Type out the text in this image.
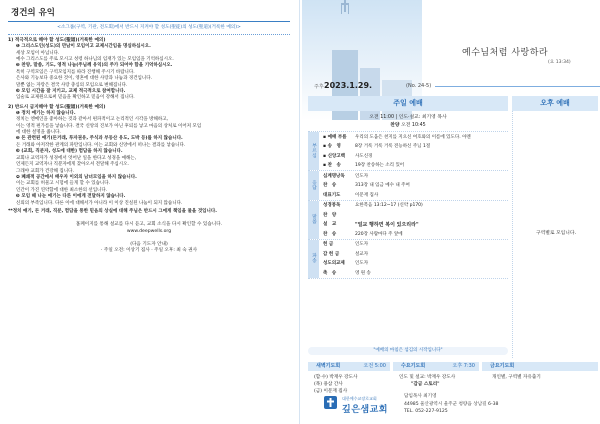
경건의 유익
<소그룹(구역, 기관, 전도회)에서 반드시 지켜야 할 성도(聖徒)의 성도(聖道)(거룩한 예의)>
1) 적극적으로 해야 할 성도(聖道)(거룩한 예의)
❶ 그리스도인(성도)의 만남이 모임이고 교제시간임을 명심하십시오.
세상 모임이 아닙니다.
예수 그리스도를 주로 모시고 성령 하나님의 임재가 있는 모임임을 기억하십시오.
❷ 찬양, 말씀, 기도, 영적 나눔(주님께 유익)의 주가 되어야 함을 기억하십시오.
특히 구역모임은 구역모임지를 따라 진행해 주시기 바랍니다.
은사와 기능보다 중요한 것이, 영혼에 대한 사랑과 나눔과 경건입니다.
말뿐 없는 자랑은 결국 사랑 충심의 모임으로 변해집니다.
❸ 모임 시간을 잘 지키고, 교제 적극적으로 참여합니다.
입술로 교제원으로써 믿음을 확인하고 믿음이 강해서 집니다.
2) 반드시 금지해야 할 성도(聖道)(거룩한 예의)
❶ 정치 얘기는 하지 않습니다.
정치는 엔메인을 좋아하는 것과 같아서 편파적이고 논리적인 시각을 방해하고,
이는 영적 편가름을 낳습니다. 결국 신앙의 진보가 아닌 후퇴를 낳고 마음의 상처로 이어져 모임
에 대한 설명을 줍니다.
❷ 돈 관련된 얘기(돈거래, 투자권유, 주식과 부동산 유도, 도박 등)를 하지 않습니다.
돈 거래와 아저작한 관계의 파탄입니다. 이는 교회와 신앙에서 떠나는 결과를 낳습니다.
❸ (교회, 직분자, 성도에 대한) 험담을 하지 않습니다.
교회나 교역자가 성경에서 엇어난 일을 한다고 성경을 얘해는,
언제든지 교역자나 직분자에게 찾아오셔 전달해 주십시오.
그래야 교회가 건강해 집니다.
❹ 폐쇄적 공간에서 배우자 이외의 남녀모임을 하지 않습니다.
이는 교회를 허물고 시험에 들게 할 수 있습니다.
인간이 가진 연약함에 대한 최소한의 선입니다.
❺ 모임 때 나눈 얘기는 다른 이에게 전달하지 않습니다.
신뢰의 부족입니다. 다른 이에 대해서가 아니라 이 이상 진실된 나눔이 되지 않습니다.
**정치 얘기, 돈 거래, 직분, 험담을 통한 믿음의 상실에 대해 주님은 반드시 그에게 책임을 물을 것입니다.
홈페이지를 통해 설교를 다시 듣고, 교회 소식을 다시 확인할 수 있습니다.
www.deepwells.org
(다음 기도자 안내)
· 주일 오전: 이상기 집사 · 주일 오후: 최 숙 권사
예수님처럼 사랑하라
(요 13:34)
주후 2023.1.29.	(No. 24-5)
주일 예배	오후 예배
오전 11:00 | 인도·설교: 최기영 목사
찬양 오전 10:45
부르심
▪ 예배 부름	우리의 도움은 천지를 지으신 여호와의 이름에 있도다. 아멘
▪ 송　영	8장 거룩 거룩 거룩 전능하신 주님 1절
▪ 신앙고백	사도신경
▪ 찬　송	19장 찬송하는 소리 있어
응답
십계명낭독	인도자
찬　송	313장 내 임금 예수 내 주여
대표기도	이문재 집사
말씀
성경봉독	요한복음 13:12~17 (신약 p170)
찬　양
설　교	"얼교 행하면 복이 있으리라"
찬　송	220장 사람마다 주 앞에
파송
헌 금	인도자
감 헌 금	설교자
성도의교제	인도자
축　송	영 원 송
"예배의 마침은 섬김의 시작입니다"
구역별로 모입니다.
새벽기도회	오전 5:00	수요기도회	오후 7:30	금요기도회
(합·수) 박재우 강도사
(목) 용삼 간사
(금) 이문재 집사
인도 및 설교: 박재우 강도사
"감금 스토리"
개인별, 구역별 자유출기
대한예수교장로교회
깊은샘교회
담임목사 최기영
44985 울산광역시 울주군 청량읍 상남길 6-38
TEL. 052-227-9125
